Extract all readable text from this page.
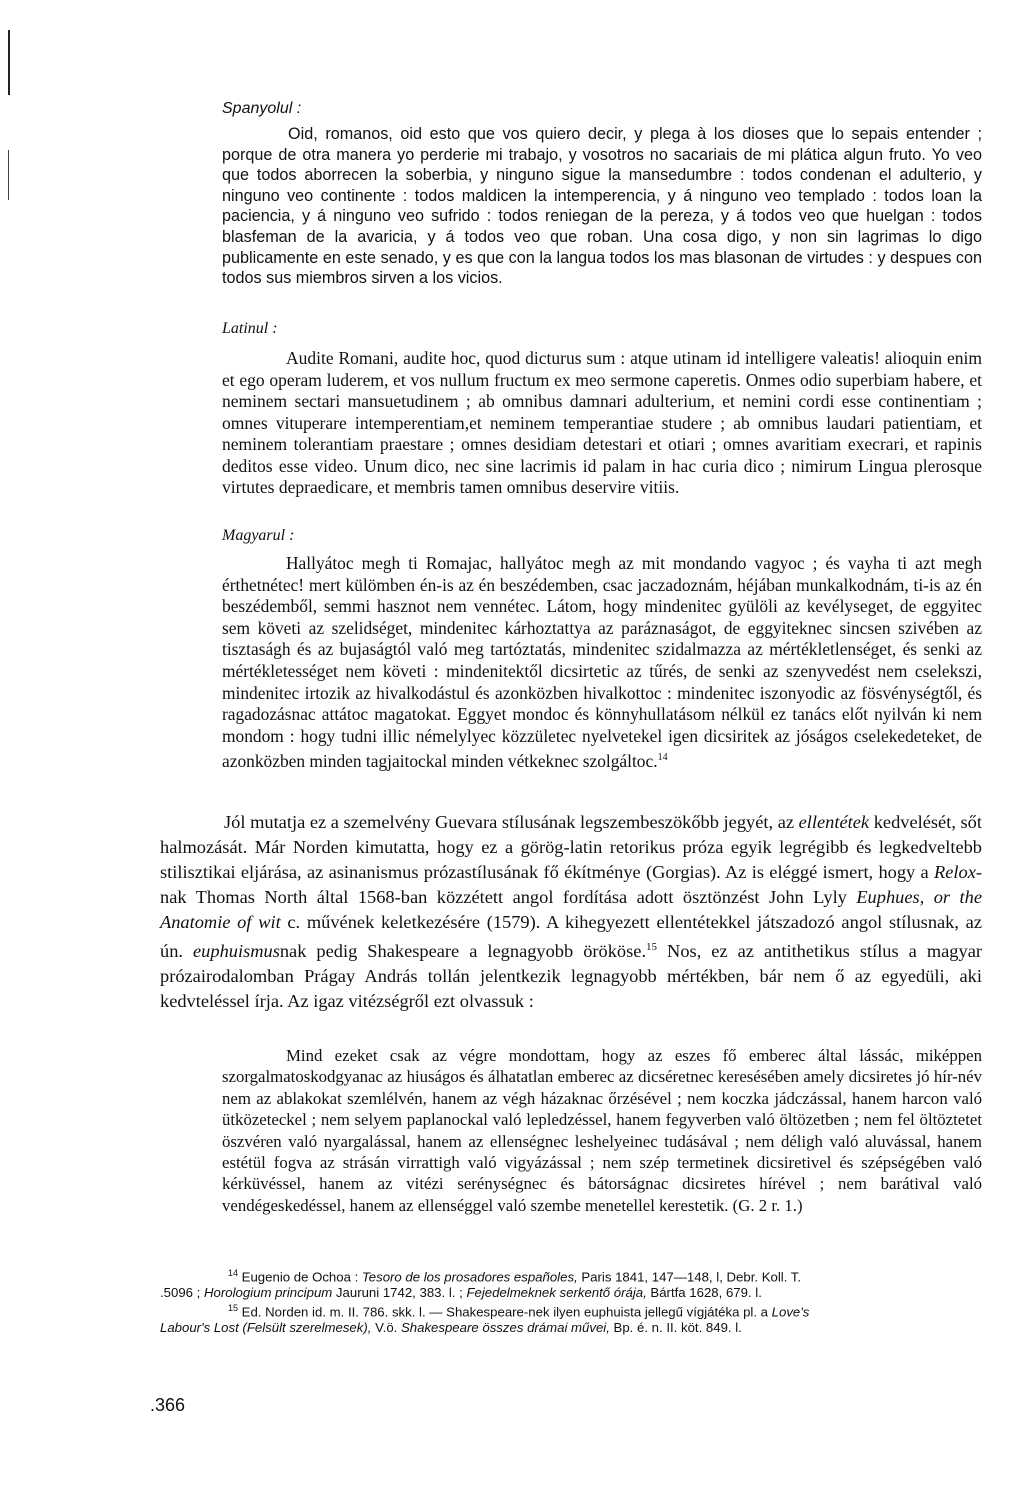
Spanyolul :

Oid, romanos, oid esto que vos quiero decir, y plega à los dioses que lo sepais entender ; porque de otra manera yo perderie mi trabajo, y vosotros no sacariais de mi plática algun fruto. Yo veo que todos aborrecen la soberbia, y ninguno sigue la mansedumbre : todos condenan el adulterio, y ninguno veo continente : todos maldicen la intemperencia, y á ninguno veo templado : todos loan la paciencia, y á ninguno veo sufrido : todos reniegan de la pereza, y á todos veo que huelgan : todos blasfeman de la avaricia, y á todos veo que roban. Una cosa digo, y non sin lagrimas lo digo publicamente en este senado, y es que con la langua todos los mas blasonan de virtudes : y despues con todos sus miembros sirven a los vicios.

Latinul :

Audite Romani, audite hoc, quod dicturus sum : atque utinam id intelligere valeatis! alioquin enim et ego operam luderem, et vos nullum fructum ex meo sermone caperetis. Onmes odio superbiam habere, et neminem sectari mansuetudinem ; ab omnibus damnari adulterium, et nemini cordi esse continentiam ; omnes vituperare intemperentiam,et neminem temperantiae studere ; ab omnibus laudari patientiam, et neminem tolerantiam praestare ; omnes desidiam detestari et otiari ; omnes avaritiam execrari, et rapinis deditos esse video. Unum dico, nec sine lacrimis id palam in hac curia dico ; nimirum Lingua plerosque virtutes depraedicare, et membris tamen omnibus deservire vitiis.

Magyarul :

Hallyátoc megh ti Romajac, hallyátoc megh az mit mondando vagyoc ; és vayha ti azt megh érthetnétec! mert külömben én-is az én beszédemben, csac jaczadoznám, héjában munkalkodnám, ti-is az én beszédemből, semmi hasznot nem vennétec. Látom, hogy mindenitec gyülöli az kevélyseget, de eggyitec sem követi az szelidséget, mindenitec kárhoztattya az paráznaságot, de eggyiteknec sincsen szivében az tisztaságh és az bujaságtól való meg tartóztatás, mindenitec szidalmazza az mértékletlenséget, és senki az mértékletességet nem követi : mindenitektől dicsirtetic az tűrés, de senki az szenyvedést nem cselekszi, mindenitec irtozik az hivalkodástul és azonközben hivalkottoc : mindenitec iszonyodic az fösvénységtől, és ragadozásnac attátoc magatokat. Eggyet mondoc és könnyhullatásom nélkül ez tanács előt nyilván ki nem mondom : hogy tudni illic némelylyec közzületec nyelvetekel igen dicsiritek az jóságos cselekedeteket, de azonközben minden tagjaitockal minden vétkeknec szolgáltoc.$^{14}$

Jól mutatja ez a szemelvény Guevara stílusának legszembeszökőbb jegyét, az ellentétek kedvelését, sőt halmozását. Már Norden kimutatta, hogy ez a görög-latin retorikus próza egyik legrégibb és legkedveltebb stilisztikai eljárása, az asinanismus prózastílusának fő ékítménye (Gorgias). Az is eléggé ismert, hogy a Relox-nak Thomas North által 1568-ban közzétett angol fordítása adott ösztönzést John Lyly Euphues, or the Anatomie of wit c. művének keletkezésére (1579). A kihegyezett ellentétekkel játszadozó angol stílusnak, az ún. euphuismusnak pedig Shakespeare a legnagyobb örököse.$^{15}$ Nos, ez az antithetikus stílus a magyar prózairodalomban Prágay András tollán jelentkezik legnagyobb mértékben, bár nem ő az egyedüli, aki kedvteléssel írja. Az igaz vitézségről ezt olvassuk :

Mind ezeket csak az végre mondottam, hogy az eszes fő emberec által lássác, miképpen szorgalmatoskodgyanac az hiuságos és álhatatlan emberec az dicséretnec keresésében amely dicsiretes jó hír-név nem az ablakokat szemlélvén, hanem az végh házaknac őrzésével ; nem koczka jádczással, hanem harcon való ütközeteckel ; nem selyem paplanockal való lepledzéssel, hanem fegyverben való öltözetben ; nem fel öltöztetet öszvéren való nyargalással, hanem az ellenségnec leshelyeinec tudásával ; nem déligh való aluvással, hanem estétül fogva az strásán virrattigh való vigyázással ; nem szép termetinek dicsiretivel és szépségében való kérküvéssel, hanem az vitézi serénységnec és bátorságnac dicsiretes hírével ; nem barátival való vendégeskedéssel, hanem az ellenséggel való szembe menetellel kerestetik. (G. 2 r. 1.)

$^{14}$ Eugenio de Ochoa : Tesoro de los prosadores españoles, Paris 1841, 147—148, l, Debr. Koll. T.
.5096 ; Horologium principum Jauruni 1742, 383. l. ; Fejedelmeknek serkentő órája, Bártfa 1628, 679. l.
$^{15}$ Ed. Norden id. m. II. 786. skk. l. — Shakespeare-nek ilyen euphuista jellegű vígjátéka pl. a Love's
Labour's Lost (Felsült szerelmesek), V.ö. Shakespeare összes drámai művei, Bp. é. n. II. köt. 849. l.
.366
